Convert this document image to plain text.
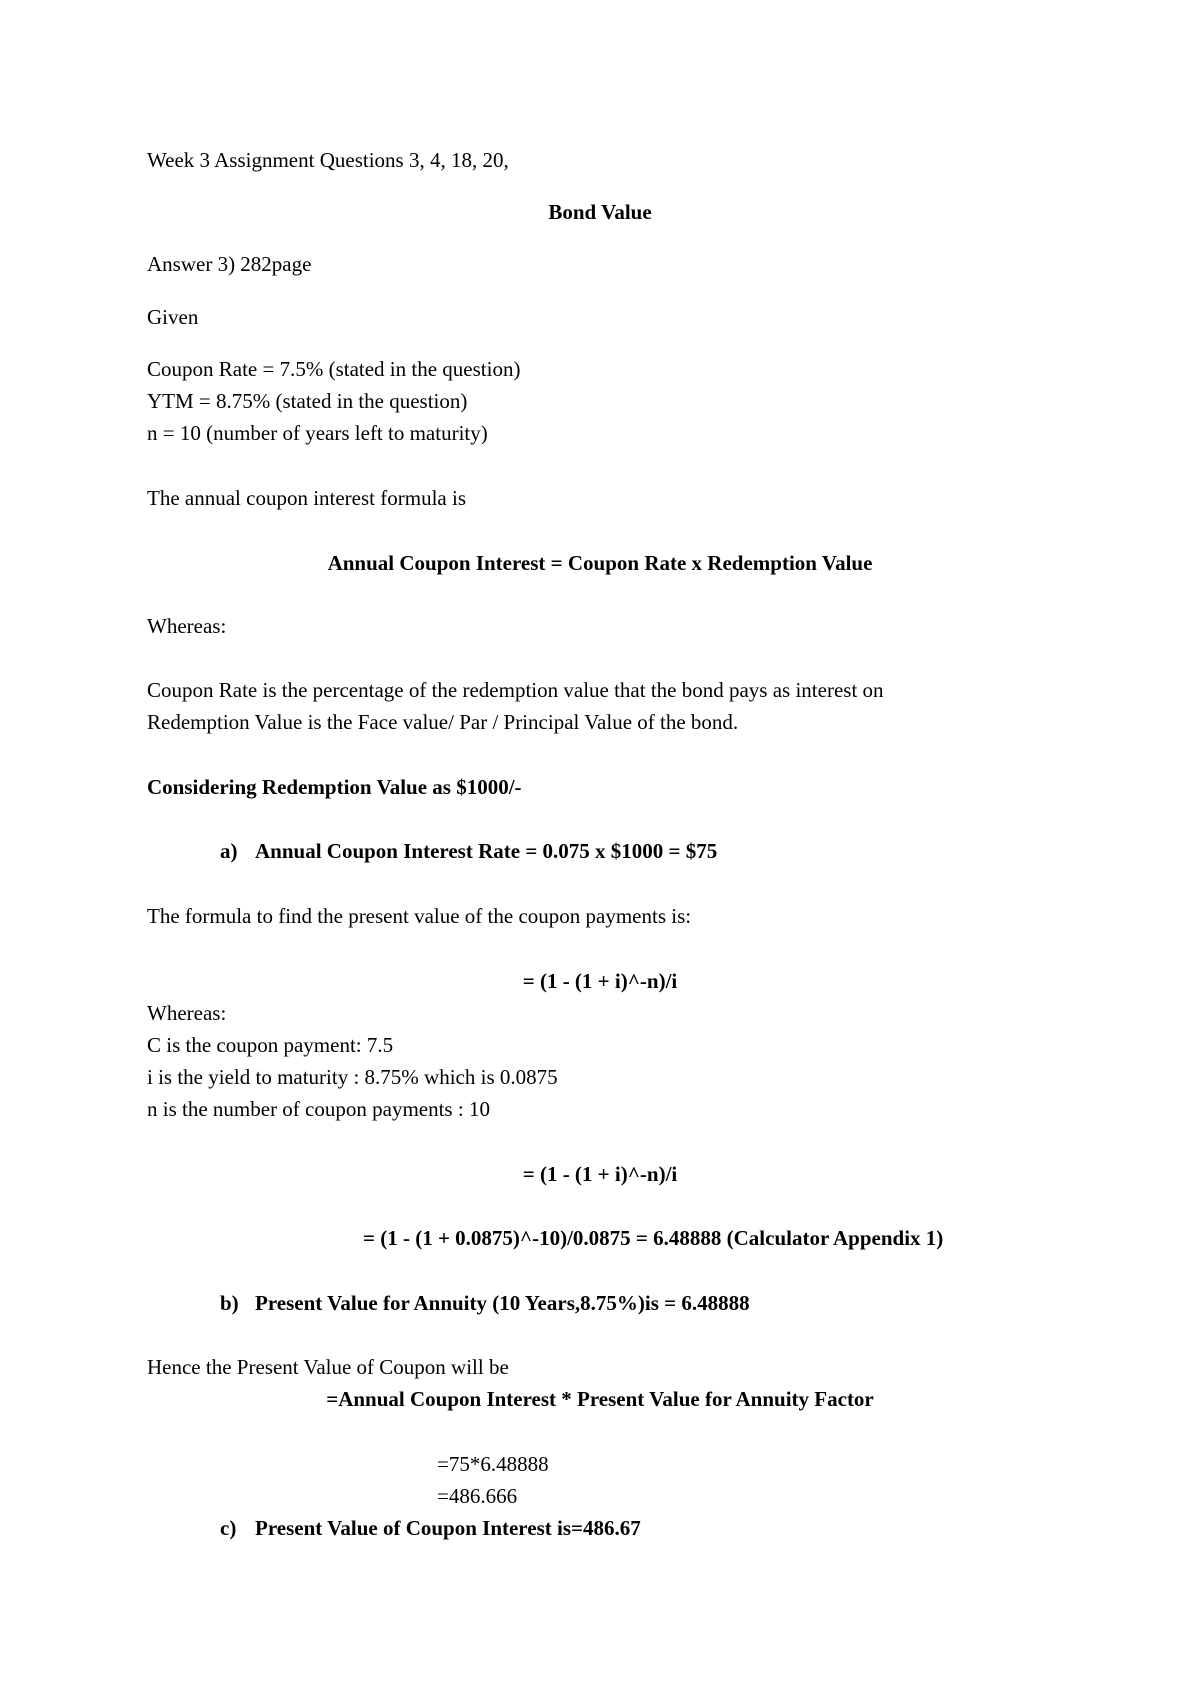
Week 3 Assignment Questions 3, 4, 18, 20,
Bond Value
Answer 3) 282page
Given
Coupon Rate = 7.5% (stated in the question)
YTM = 8.75% (stated in the question)
n = 10 (number of years left to maturity)
The annual coupon interest formula is
Annual Coupon Interest = Coupon Rate x Redemption Value
Whereas:
Coupon Rate is the percentage of the redemption value that the bond pays as interest on
Redemption Value is the Face value/ Par / Principal Value of the bond.
Considering Redemption Value as $1000/-
a) Annual Coupon Interest Rate = 0.075 x $1000 = $75
The formula to find the present value of the coupon payments is:
= (1 - (1 + i)^-n)/i
Whereas:
C is the coupon payment: 7.5
i is the yield to maturity : 8.75% which is 0.0875
n is the number of coupon payments : 10
= (1 - (1 + i)^-n)/i
= (1 - (1 + 0.0875)^-10)/0.0875 = 6.48888 (Calculator Appendix 1)
b) Present Value for Annuity (10 Years,8.75%)is = 6.48888
Hence the Present Value of Coupon will be
=Annual Coupon Interest * Present Value for Annuity Factor
=75*6.48888
=486.666
c) Present Value of Coupon Interest is=486.67
